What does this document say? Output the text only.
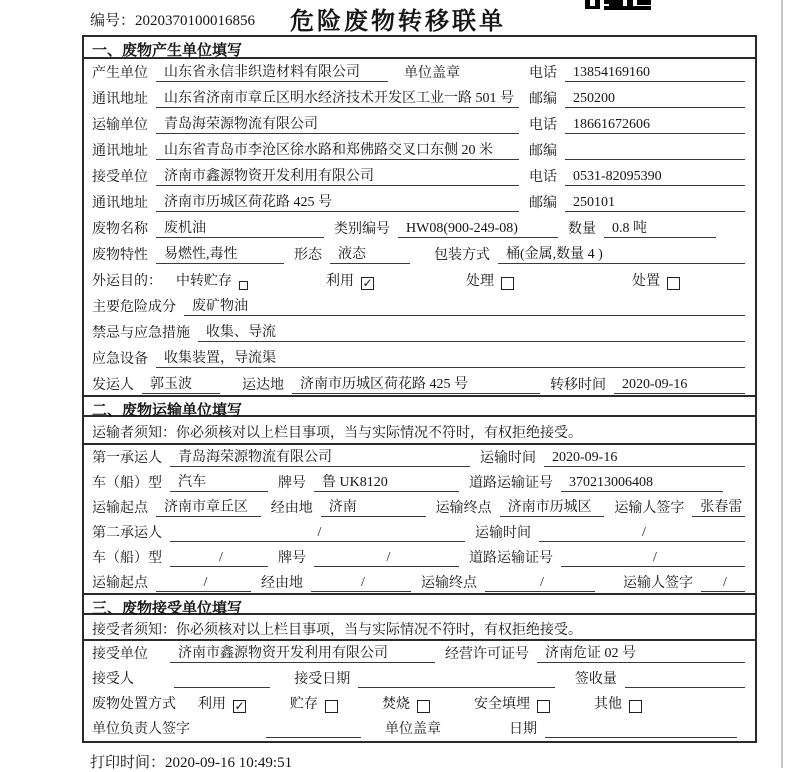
编号：2020370100016856 危险废物转移联单
一、废物产生单位填写
产生单位	山东省永信非织造材料有限公司	单位盖章	电话	13854169160
通讯地址	山东省济南市章丘区明水经济技术开发区工业一路 501 号	邮编	250200
运输单位	青岛海荣源物流有限公司	电话	18661672606
通讯地址	山东省青岛市李沧区徐水路和郑佛路交叉口东侧 20 米	邮编
接受单位	济南市鑫源物资开发利用有限公司	电话	0531-82095390
通讯地址	济南市历城区荷花路 425 号	邮编	250101
废物名称	废机油	类别编号	HW08(900-249-08)	数量	0.8 吨
废物特性	易燃性,毒性	形态	液态	包装方式	桶(金属,数量 4 )
外运目的： 中转贮存	利用 ✓	处理	处置
主要危险成分	废矿物油
禁忌与应急措施	收集、导流
应急设备	收集装置，导流渠
发运人	郭玉波	运达地	济南市历城区荷花路 425 号	转移时间	2020-09-16
二、废物运输单位填写
运输者须知：你必须核对以上栏目事项，当与实际情况不符时，有权拒绝接受。
第一承运人	青岛海荣源物流有限公司	运输时间	2020-09-16
车（船）型	汽车	牌号	鲁 UK8120	道路运输证号	370213006408
运输起点	济南市章丘区	经由地	济南	运输终点	济南市历城区	运输人签字	张春雷
第二承运人	/	运输时间	/
车（船）型	/	牌号	/	道路运输证号	/
运输起点	/	经由地	/	运输终点	/	运输人签字	/
三、废物接受单位填写
接受者须知：你必须核对以上栏目事项，当与实际情况不符时，有权拒绝接受。
接受单位	济南市鑫源物资开发利用有限公司	经营许可证号	济南危证 02 号
接受人	接受日期	签收量
废物处置方式 利用 ✓	贮存	焚烧	安全填埋	其他
单位负责人签字	单位盖章	日期
打印时间：2020-09-16 10:49:51
